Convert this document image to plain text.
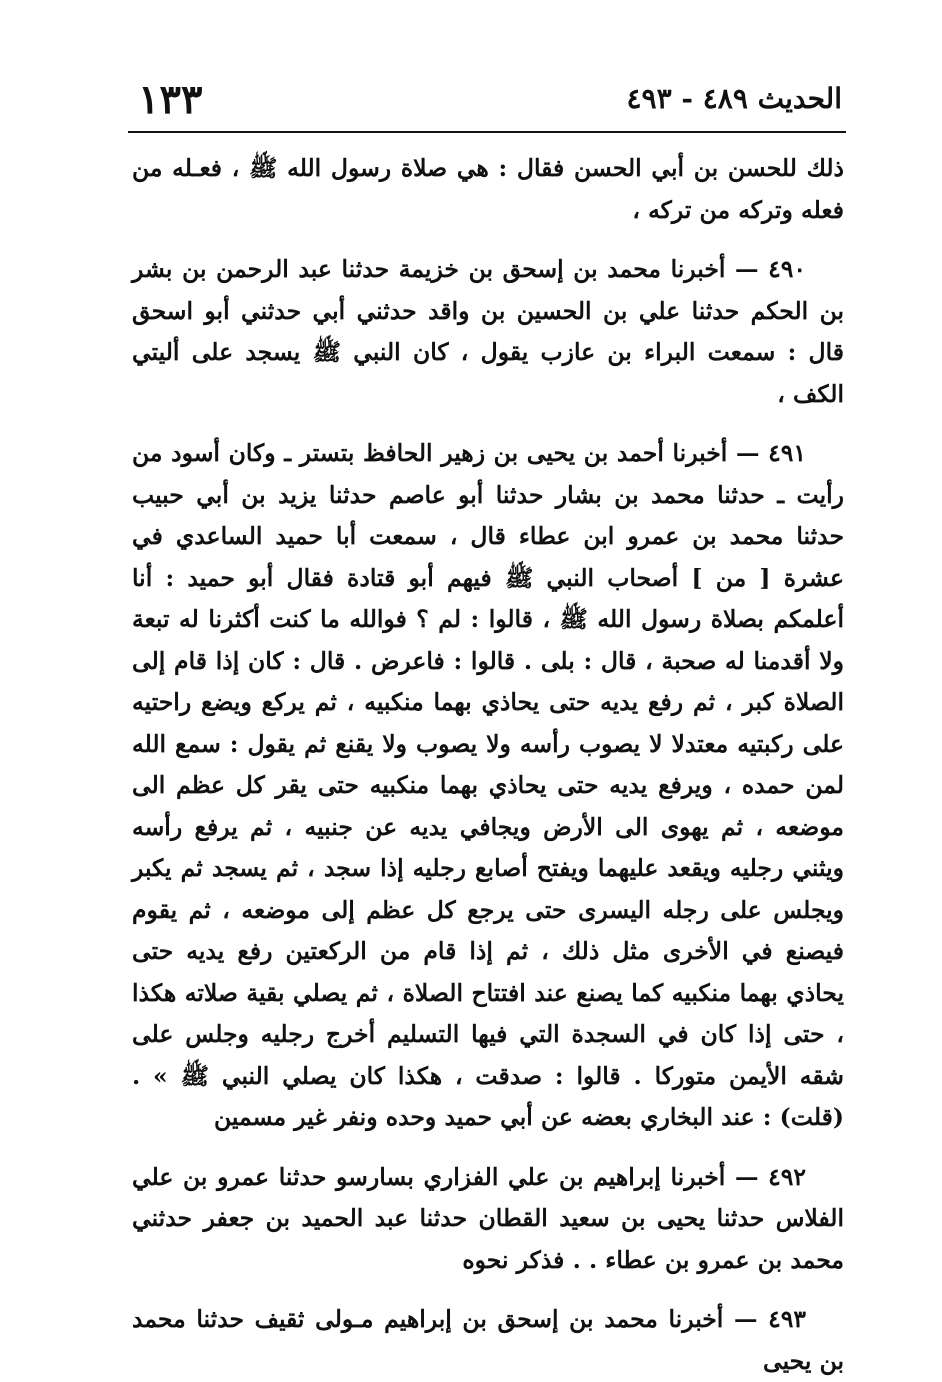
الحديث ٤٨٩ - ٤٩٣
١٣٣

ذلك للحسن بن أبي الحسن فقال : هي صلاة رسول الله ﷺ ، فعـله من فعله وتركه من تركه ،

٤٩٠ — أخبرنا محمد بن إسحق بن خزيمة حدثنا عبد الرحمن بن بشر بن الحكم حدثنا علي بن الحسين بن واقد حدثني أبي حدثني أبو اسحق قال : سمعت البراء بن عازب يقول ، كان النبي ﷺ يسجد على أليتي الكف ،

٤٩١ — أخبرنا أحمد بن يحيى بن زهير الحافظ بتستر ـ وكان أسود من رأيت ـ حدثنا محمد بن بشار حدثنا أبو عاصم حدثنا يزيد بن أبي حبيب حدثنا محمد بن عمرو ابن عطاء قال ، سمعت أبا حميد الساعدي في عشرة [ من ] أصحاب النبي ﷺ فيهم أبو قتادة فقال أبو حميد : أنا أعلمكم بصلاة رسول الله ﷺ ، قالوا : لم ؟ فوالله ما كنت أكثرنا له تبعة ولا أقدمنا له صحبة ، قال : بلى . قالوا : فاعرض . قال : كان إذا قام إلى الصلاة كبر ، ثم رفع يديه حتى يحاذي بهما منكبيه ، ثم يركع ويضع راحتيه على ركبتيه معتدلا لا يصوب رأسه ولا يصوب ولا يقنع ثم يقول : سمع الله لمن حمده ، ويرفع يديه حتى يحاذي بهما منكبيه حتى يقر كل عظم الى موضعه ، ثم يهوى الى الأرض ويجافي يديه عن جنبيه ، ثم يرفع رأسه ويثني رجليه ويقعد عليهما ويفتح أصابع رجليه إذا سجد ، ثم يسجد ثم يكبر ويجلس على رجله اليسرى حتى يرجع كل عظم إلى موضعه ، ثم يقوم فيصنع في الأخرى مثل ذلك ، ثم إذا قام من الركعتين رفع يديه حتى يحاذي بهما منكبيه كما يصنع عند افتتاح الصلاة ، ثم يصلي بقية صلاته هكذا ، حتى إذا كان في السجدة التي فيها التسليم أخرج رجليه وجلس على شقه الأيمن متوركا . قالوا : صدقت ، هكذا كان يصلي النبي ﷺ » . (قلت) : عند البخاري بعضه عن أبي حميد وحده ونفر غير مسمين

٤٩٢ — أخبرنا إبراهيم بن علي الفزاري بسارسو حدثنا عمرو بن علي الفلاس حدثنا يحيى بن سعيد القطان حدثنا عبد الحميد بن جعفر حدثني محمد بن عمرو بن عطاء . . فذكر نحوه

٤٩٣ — أخبرنا محمد بن إسحق بن إبراهيم مـولى ثقيف حدثنا محمد بن يحيى
